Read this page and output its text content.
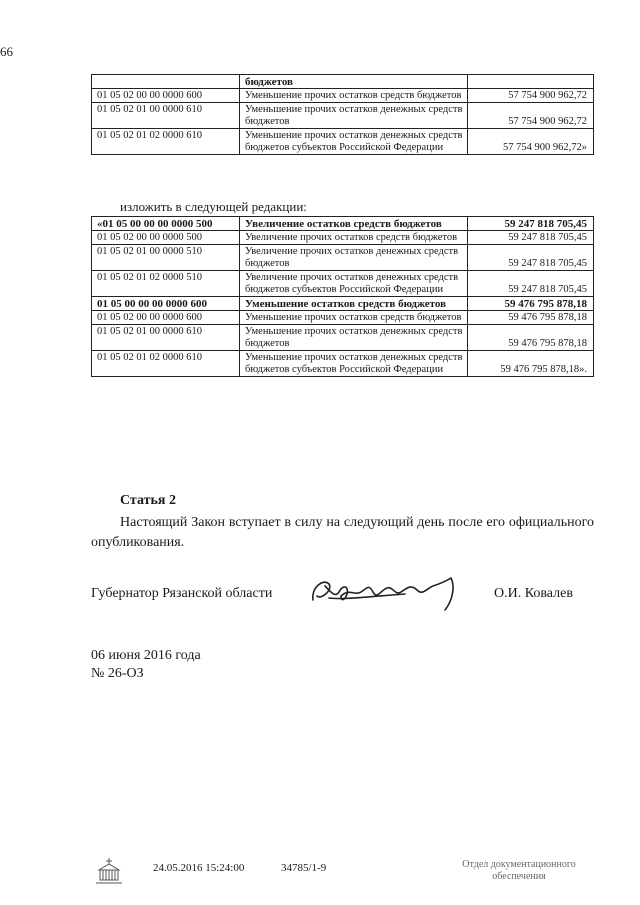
66
	бюджетов	
01 05 02 00 00 0000 600	Уменьшение прочих остатков средств бюджетов	57 754 900 962,72
01 05 02 01 00 0000 610	Уменьшение прочих остатков денежных средств бюджетов	57 754 900 962,72
01 05 02 01 02 0000 610	Уменьшение прочих остатков денежных средств бюджетов субъектов Российской Федерации	57 754 900 962,72»
изложить в следующей редакции:
«01 05 00 00 00 0000 500	Увеличение остатков средств бюджетов	59 247 818 705,45
01 05 02 00 00 0000 500	Увеличение прочих остатков средств бюджетов	59 247 818 705,45
01 05 02 01 00 0000 510	Увеличение прочих остатков денежных средств бюджетов	59 247 818 705,45
01 05 02 01 02 0000 510	Увеличение прочих остатков денежных средств бюджетов субъектов Российской Федерации	59 247 818 705,45
01 05 00 00 00 0000 600	Уменьшение остатков средств бюджетов	59 476 795 878,18
01 05 02 00 00 0000 600	Уменьшение прочих остатков средств бюджетов	59 476 795 878,18
01 05 02 01 00 0000 610	Уменьшение прочих остатков денежных средств бюджетов	59 476 795 878,18
01 05 02 01 02 0000 610	Уменьшение прочих остатков денежных средств бюджетов субъектов Российской Федерации	59 476 795 878,18».
Статья 2
Настоящий Закон вступает в силу на следующий день после его официального опубликования.
Губернатор Рязанской области	О.И. Ковалев
06 июня 2016 года
№ 26-ОЗ
24.05.2016 15:24:00	34785/1-9	Отдел документационного обеспечения
